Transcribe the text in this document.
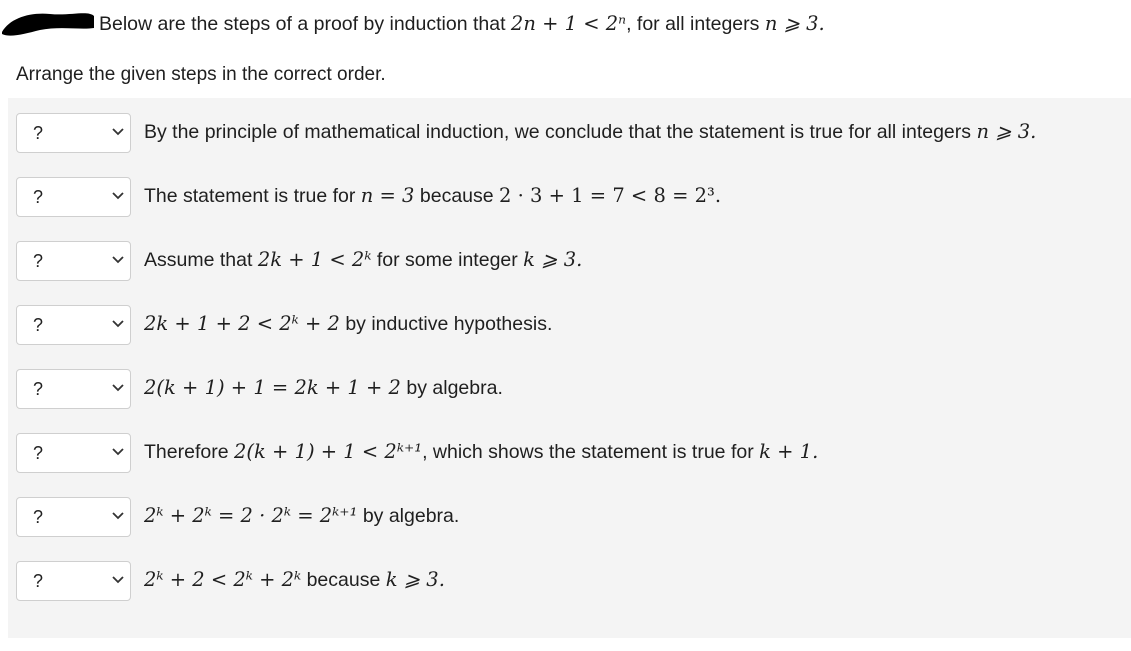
Below are the steps of a proof by induction that 2n + 1 < 2ⁿ, for all integers n ⩾ 3.
Arrange the given steps in the correct order.
?	By the principle of mathematical induction, we conclude that the statement is true for all integers n ⩾ 3.
?	The statement is true for n = 3 because 2 · 3 + 1 = 7 < 8 = 2³.
?	Assume that 2k + 1 < 2ᵏ for some integer k ⩾ 3.
?	2k + 1 + 2 < 2ᵏ + 2 by inductive hypothesis.
?	2(k + 1) + 1 = 2k + 1 + 2 by algebra.
?	Therefore 2(k + 1) + 1 < 2ᵏ⁺¹, which shows the statement is true for k + 1.
?	2ᵏ + 2ᵏ = 2 · 2ᵏ = 2ᵏ⁺¹ by algebra.
?	2ᵏ + 2 < 2ᵏ + 2ᵏ because k ⩾ 3.
